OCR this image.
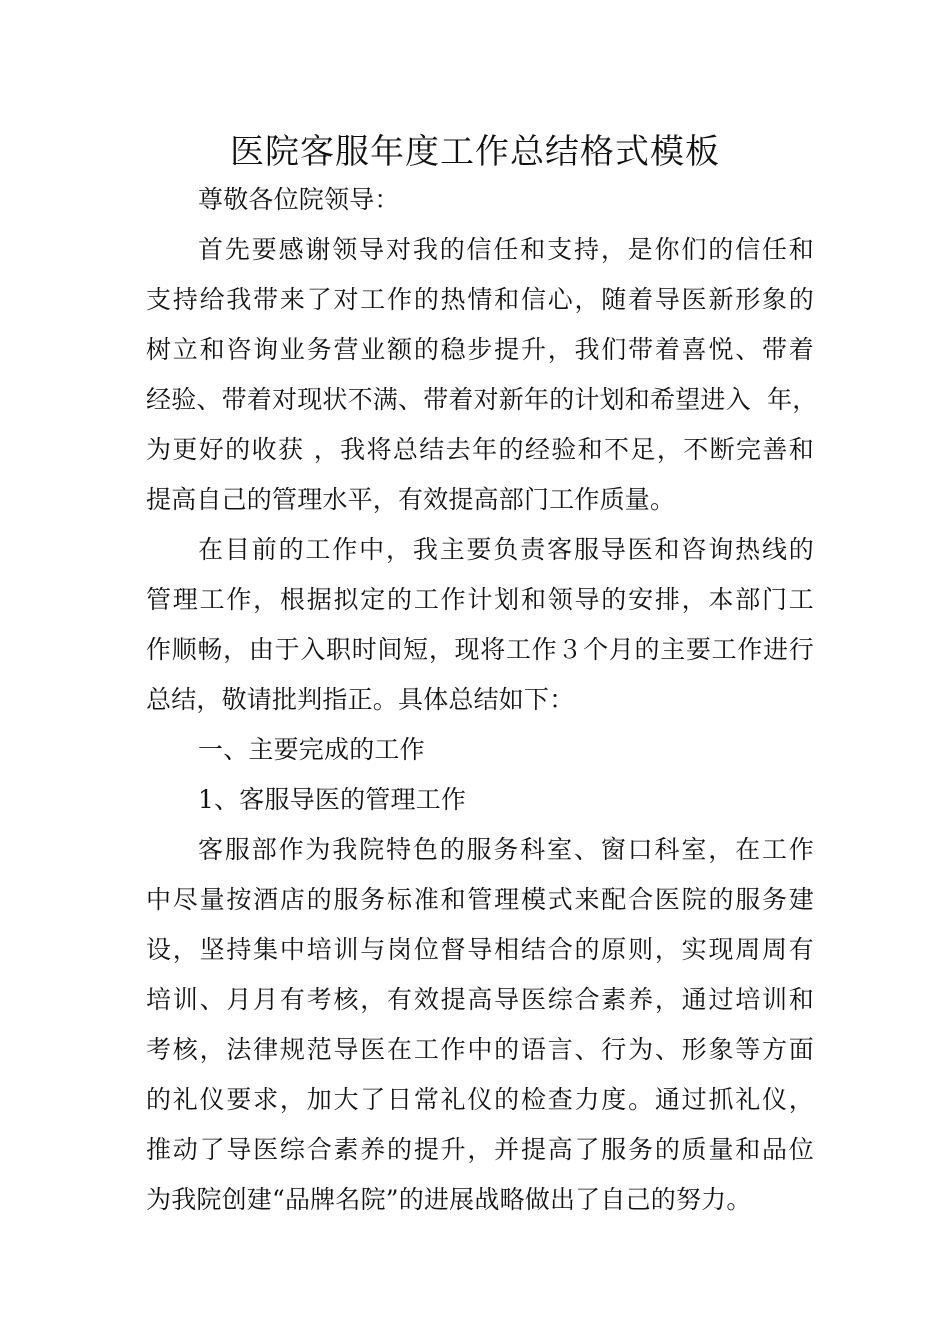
医院客服年度工作总结格式模板
尊敬各位院领导：
首先要感谢领导对我的信任和支持，是你们的信任和
支持给我带来了对工作的热情和信心，随着导医新形象的
树立和咨询业务营业额的稳步提升，我们带着喜悦、带着
经验、带着对现状不满、带着对新年的计划和希望进入  年，
为更好的收获 ，我将总结去年的经验和不足，不断完善和
提高自己的管理水平，有效提高部门工作质量。
在目前的工作中，我主要负责客服导医和咨询热线的
管理工作，根据拟定的工作计划和领导的安排，本部门工
作顺畅，由于入职时间短，现将工作３个月的主要工作进行
总结，敬请批判指正。具体总结如下：
一、主要完成的工作
1、客服导医的管理工作
客服部作为我院特色的服务科室、窗口科室，在工作
中尽量按酒店的服务标准和管理模式来配合医院的服务建
设，坚持集中培训与岗位督导相结合的原则，实现周周有
培训、月月有考核，有效提高导医综合素养，通过培训和
考核，法律规范导医在工作中的语言、行为、形象等方面
的礼仪要求，加大了日常礼仪的检查力度。通过抓礼仪，
推动了导医综合素养的提升，并提高了服务的质量和品位
为我院创建“品牌名院”的进展战略做出了自己的努力。
